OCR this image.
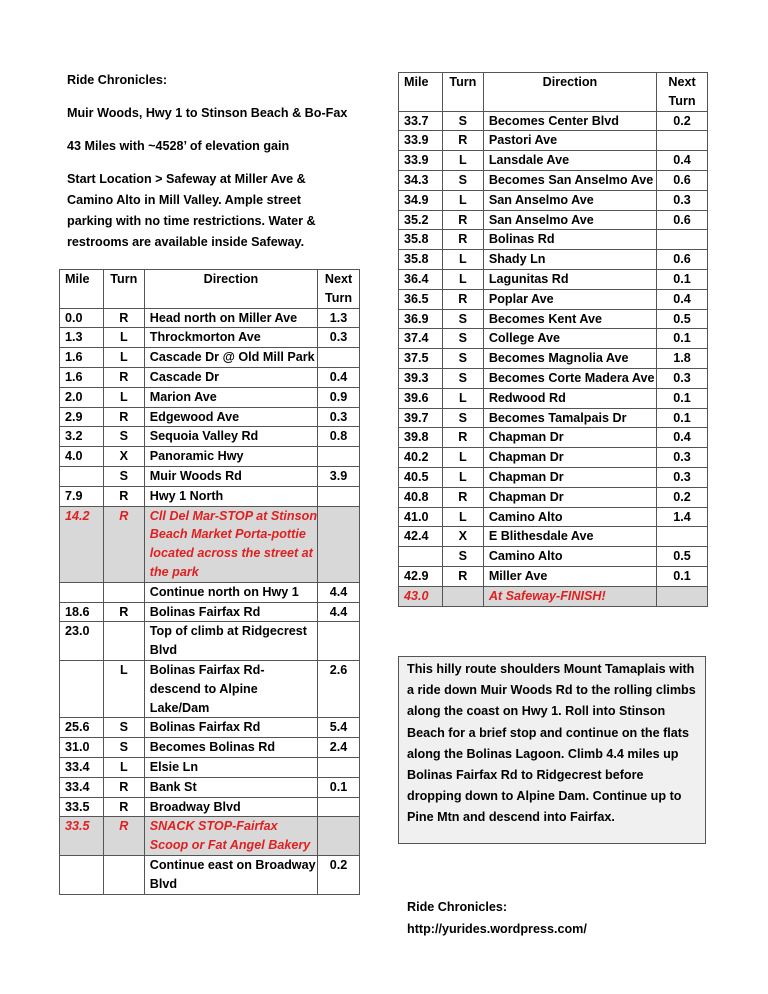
Ride Chronicles:

Muir Woods, Hwy 1 to Stinson Beach & Bo-Fax

43 Miles with ~4528’ of elevation gain

Start Location > Safeway at Miller Ave &

Camino Alto in Mill Valley. Ample street

parking with no time restrictions. Water &

restrooms are available inside Safeway.

Mile	Turn	Direction	Next Turn
0.0	R	Head north on Miller Ave	1.3
1.3	L	Throckmorton Ave	0.3
1.6	L	Cascade Dr @ Old Mill Park	
1.6	R	Cascade Dr	0.4
2.0	L	Marion Ave	0.9
2.9	R	Edgewood Ave	0.3
3.2	S	Sequoia Valley Rd	0.8
4.0	X	Panoramic Hwy	
	S	Muir Woods Rd	3.9
7.9	R	Hwy 1 North	
14.2	R	Cll Del Mar-STOP at Stinson Beach Market Porta-pottie located across the street at the park	
		Continue north on Hwy 1	4.4
18.6	R	Bolinas Fairfax Rd	4.4
23.0		Top of climb at Ridgecrest Blvd	
	L	Bolinas Fairfax Rd- descend to Alpine Lake/Dam	2.6
25.6	S	Bolinas Fairfax Rd	5.4
31.0	S	Becomes Bolinas Rd	2.4
33.4	L	Elsie Ln	
33.4	R	Bank St	0.1
33.5	R	Broadway Blvd	
33.5	R	SNACK STOP-Fairfax Scoop or Fat Angel Bakery	
		Continue east on Broadway Blvd	0.2
Mile	Turn	Direction	Next Turn
33.7	S	Becomes Center Blvd	0.2
33.9	R	Pastori Ave	
33.9	L	Lansdale Ave	0.4
34.3	S	Becomes San Anselmo Ave	0.6
34.9	L	San Anselmo Ave	0.3
35.2	R	San Anselmo Ave	0.6
35.8	R	Bolinas Rd	
35.8	L	Shady Ln	0.6
36.4	L	Lagunitas Rd	0.1
36.5	R	Poplar Ave	0.4
36.9	S	Becomes Kent Ave	0.5
37.4	S	College Ave	0.1
37.5	S	Becomes Magnolia Ave	1.8
39.3	S	Becomes Corte Madera Ave	0.3
39.6	L	Redwood Rd	0.1
39.7	S	Becomes Tamalpais Dr	0.1
39.8	R	Chapman Dr	0.4
40.2	L	Chapman Dr	0.3
40.5	L	Chapman Dr	0.3
40.8	R	Chapman Dr	0.2
41.0	L	Camino Alto	1.4
42.4	X	E Blithesdale Ave	
	S	Camino Alto	0.5
42.9	R	Miller Ave	0.1
43.0		At Safeway-FINISH!	
This hilly route shoulders Mount Tamaplais with a ride down Muir Woods Rd to the rolling climbs along the coast on Hwy 1. Roll into Stinson Beach for a brief stop and continue on the flats along the Bolinas Lagoon. Climb 4.4 miles up Bolinas Fairfax Rd to Ridgecrest before dropping down to Alpine Dam. Continue up to Pine Mtn and descend into Fairfax.
Ride Chronicles:
http://yurides.wordpress.com/
